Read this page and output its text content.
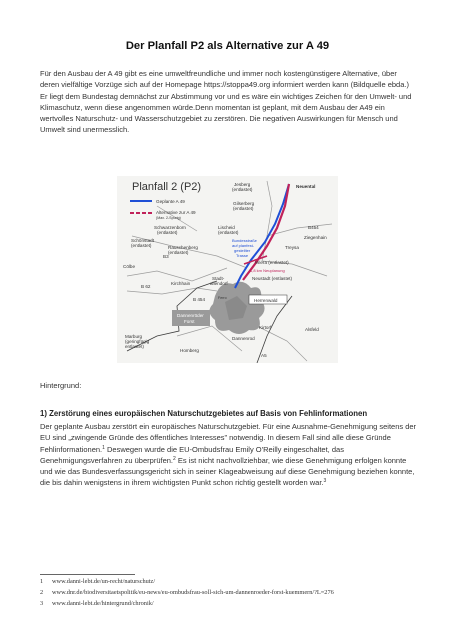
Der Planfall P2 als Alternative zur A 49

Für den Ausbau der A 49 gibt es eine umweltfreundliche und immer noch kostengünstigere Alternative, über deren vielfältige Vorzüge sich auf der Homepage https://stoppa49.org informiert werden kann (Bildquelle ebda.) Er liegt dem Bundestag demnächst zur Abstimmung vor und es wäre ein wichtiges Zeichen für den Umwelt- und Klimaschutz, wenn diese angenommen würde.Denn momentan ist geplant, mit dem Ausbau der A49 ein wertvolles Naturschutz- und Wasserschutzgebiet zu zerstören. Die negativen Auswirkungen für Mensch und Umwelt sind unermesslich.

Planfall 2 (P2)
Geplante A 49
Alternative zur A 49
(Max. 2-Spurig)
Jesberg
(entlastet)
Neuental
Gilserberg
(entlastet)
Schwarzenborn
(entlastet)
Lischeid
(entlastet)
Bundesstraße
auf planfest-
gestellter
Trasse
B454
Ziegenhain
Schönstadt
(entlastet)	Rauschenberg
(entlastet)
Treysa
B3
Cölbe
1,8 km Neuplanung
Wiera (entlastet)
Neustadt (entlastet)
Stadt-
allendorf
Kirchhain
B 62
B 454	Ferro	Herrenwald
Dannenröder
Forst
Marburg
(geringfügig
entlastet)
Kirtorf	Alsfeld
Dannenrod
Homberg
A5

Hintergrund:

1) Zerstörung eines europäischen Naturschutzgebietes auf Basis von Fehlinformationen

Der geplante Ausbau zerstört ein europäisches Naturschutzgebiet. Für eine Ausnahme-Genehmigung seitens der EU sind „zwingende Gründe des öffentliches Interesses” notwendig. In diesem Fall sind alle diese Gründe Fehlinformationen.$^1$ Deswegen wurde die EU-Ombudsfrau Emily O'Reilly eingeschaltet, das Genehmigungsverfahren zu überprüfen.$^2$ Es ist nicht nachvollziehbar, wie diese Genehmigung erfolgen konnte und wie das Bundesverfassungsgericht sich in seiner Klageabweisung auf diese Genehmigung beziehen konnte, die bis dahin wenigstens in ihrem wichtigsten Punkt schon richtig gestellt worden war.$^3$

1 www.danni-lebt.de/un-recht/naturschutz/
2 www.dnr.de/biodiversitaetspolitik/eu-news/eu-ombudsfrau-soll-sich-um-dannenroeder-forst-kuemmern/?L=276
3 www.danni-lebt.de/hintergrund/chronik/
